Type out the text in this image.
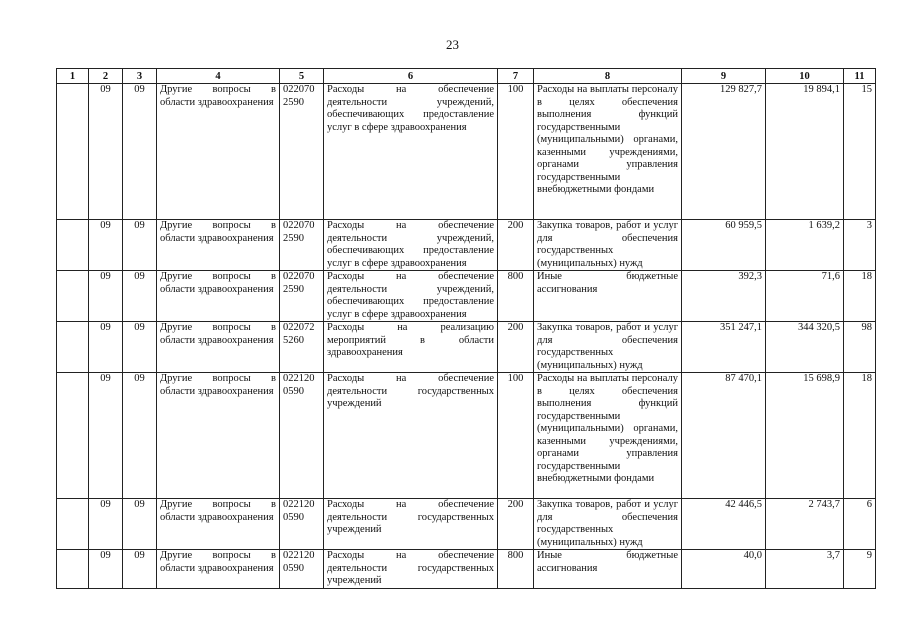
23
1	2	3	4	5	6	7	8	9	10	11
	09	09	Другие вопросы в области здравоохранения	022070 2590	Расходы на обеспечение деятельности учреждений, обеспечивающих предоставление услуг в сфере здравоохранения	100	Расходы на выплаты персоналу в целях обеспечения выполнения функций государственными (муниципальными) органами, казенными учреждениями, органами управления государственными внебюджетными фондами	129 827,7	19 894,1	15
	09	09	Другие вопросы в области здравоохранения	022070 2590	Расходы на обеспечение деятельности учреждений, обеспечивающих предоставление услуг в сфере здравоохранения	200	Закупка товаров, работ и услуг для обеспечения государственных (муниципальных) нужд	60 959,5	1 639,2	3
	09	09	Другие вопросы в области здравоохранения	022070 2590	Расходы на обеспечение деятельности учреждений, обеспечивающих предоставление услуг в сфере здравоохранения	800	Иные бюджетные ассигнования	392,3	71,6	18
	09	09	Другие вопросы в области здравоохранения	022072 5260	Расходы на реализацию мероприятий в области здравоохранения	200	Закупка товаров, работ и услуг для обеспечения государственных (муниципальных) нужд	351 247,1	344 320,5	98
	09	09	Другие вопросы в области здравоохранения	022120 0590	Расходы на обеспечение деятельности государственных учреждений	100	Расходы на выплаты персоналу в целях обеспечения выполнения функций государственными (муниципальными) органами, казенными учреждениями, органами управления государственными внебюджетными фондами	87 470,1	15 698,9	18
	09	09	Другие вопросы в области здравоохранения	022120 0590	Расходы на обеспечение деятельности государственных учреждений	200	Закупка товаров, работ и услуг для обеспечения государственных (муниципальных) нужд	42 446,5	2 743,7	6
	09	09	Другие вопросы в области здравоохранения	022120 0590	Расходы на обеспечение деятельности государственных учреждений	800	Иные бюджетные ассигнования	40,0	3,7	9
